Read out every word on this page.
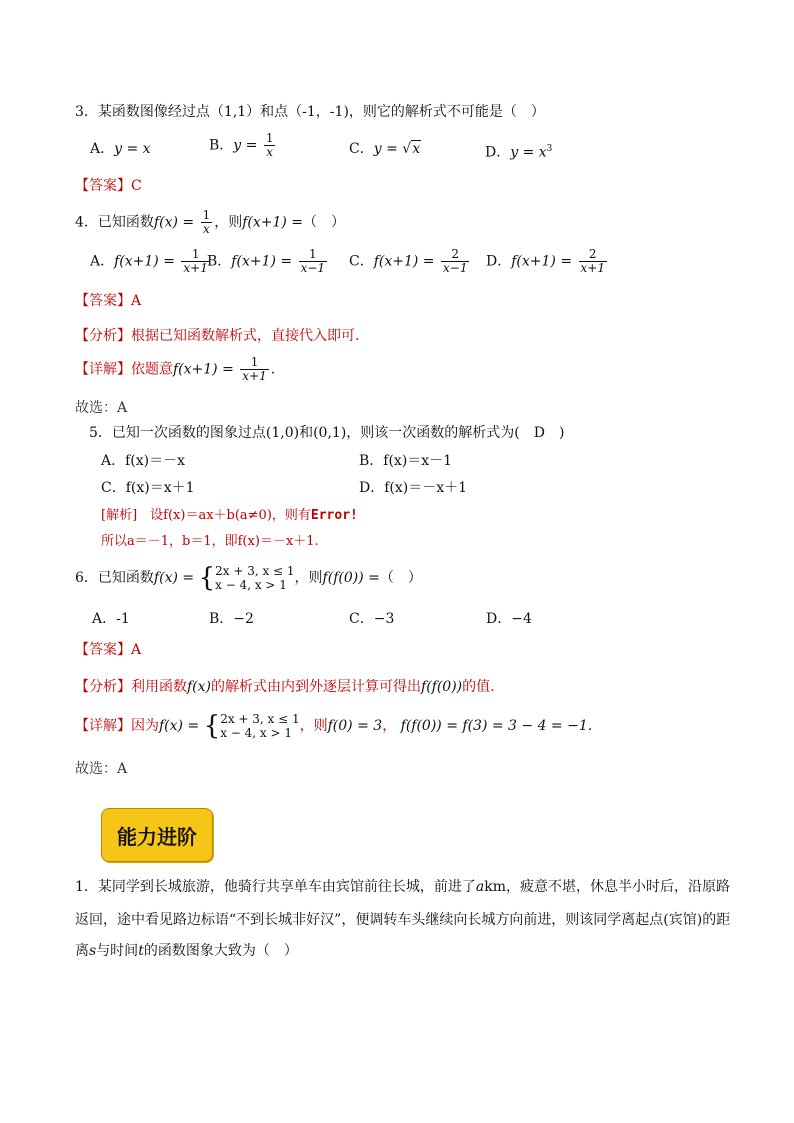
3．某函数图像经过点（1,1）和点（-1，-1)，则它的解析式不可能是（　）
A．y = x	B．$y = \frac{1}{x}$	C．y = √x	D．$y = x^3$
【答案】C
4．已知函数$f(x) = \frac{1}{x}$ ，则f(x+1) =（　）
A．$f(x+1) = \frac{1}{x+1}$
B．$f(x+1) = \frac{1}{x-1}$ C．$f(x+1) = \frac{2}{x-1}$ D．$f(x+1) = \frac{2}{x+1}$
【答案】A
【分析】根据已知函数解析式，直接代入即可.
【详解】依题意$f(x+1) = \frac{1}{x+1}$ .
故选：A
5．已知一次函数的图象过点(1,0)和(0,1)，则该一次函数的解析式为(　D　)
A．f(x)＝－x	B．f(x)＝x－1
C．f(x)＝x＋1	D．f(x)＝－x＋1
[解析]　设f(x)＝ax＋b(a≠0)，则有Error!
所以a＝－1，b＝1，即f(x)＝－x＋1.
6．已知函数f(x) = {2x + 3, x ≤ 1
x − 4, x > 1 ，则f(f(0)) =（　）
A．-1	B．−2	C．−3	D．−4
【答案】A
【分析】利用函数f(x)的解析式由内到外逐层计算可得出f(f(0))的值.
【详解】因为f(x) = {2x + 3, x ≤ 1
x − 4, x > 1 ，则f(0) = 3， f(f(0)) = f(3) = 3 − 4 = −1.
故选：A
能力进阶
1．某同学到长城旅游，他骑行共享单车由宾馆前往长城，前进了akm，疲意不堪，休息半小时后，沿原路
返回，途中看见路边标语“不到长城非好汉”，便调转车头继续向长城方向前进，则该同学离起点(宾馆)的距
离s与时间t的函数图象大致为（　）
